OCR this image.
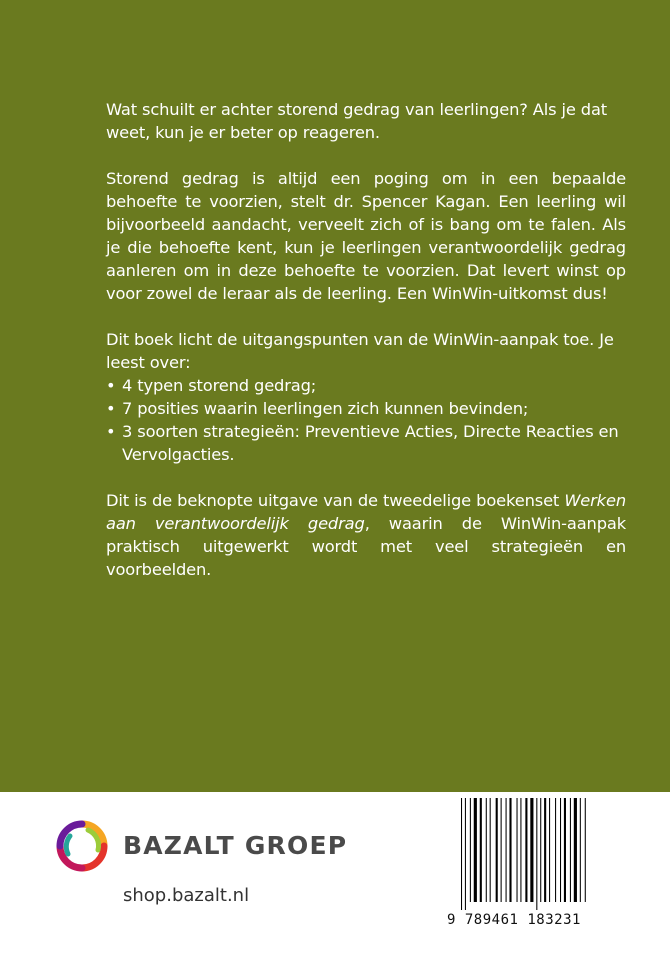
Wat schuilt er achter storend gedrag van leerlingen? Als je dat weet, kun je er beter op reageren.

Storend gedrag is altijd een poging om in een bepaalde behoefte te voorzien, stelt dr. Spencer Kagan. Een leerling wil bijvoorbeeld aandacht, verveelt zich of is bang om te falen. Als je die behoefte kent, kun je leerlingen verantwoordelijk gedrag aanleren om in deze behoefte te voorzien. Dat levert winst op voor zowel de leraar als de leerling. Een WinWin-uitkomst dus!

Dit boek licht de uitgangspunten van de WinWin-aanpak toe. Je leest over:

• 4 typen storend gedrag;
• 7 posities waarin leerlingen zich kunnen bevinden;
• 3 soorten strategieën: Preventieve Acties, Directe Reacties en Vervolgacties.

Dit is de beknopte uitgave van de tweedelige boekenset Werken aan verantwoordelijk gedrag, waarin de WinWin-aanpak praktisch uitgewerkt wordt met veel strategieën en voorbeelden.

BAZALT GROEP
shop.bazalt.nl
9 789461 183231
